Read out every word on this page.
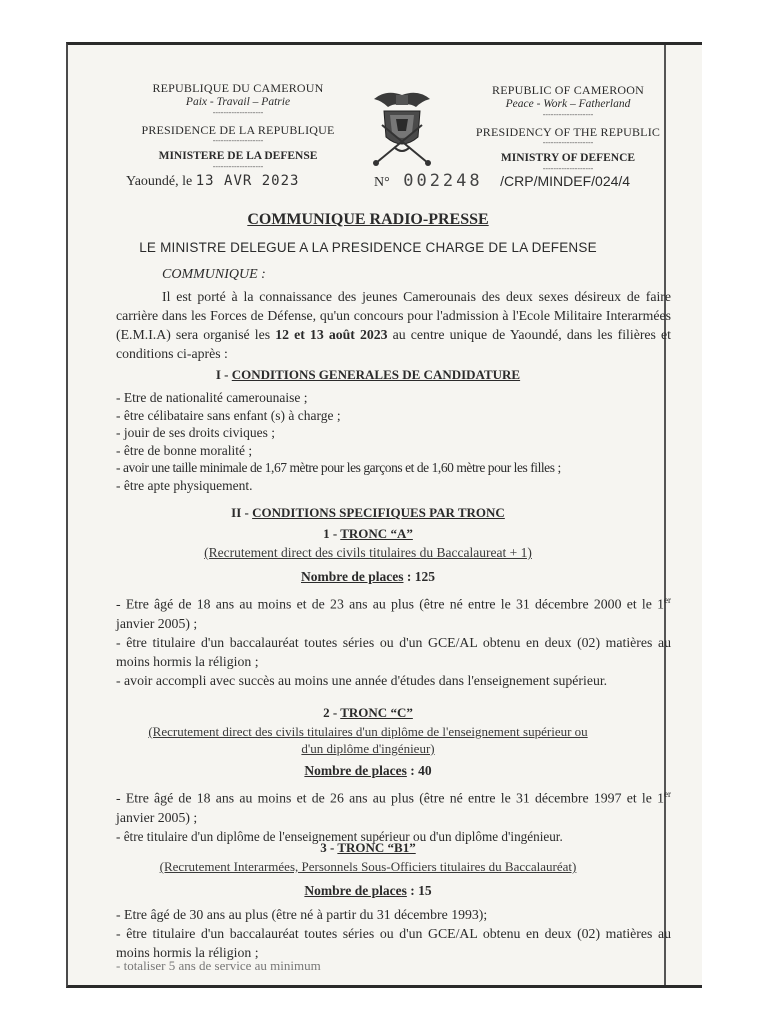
REPUBLIQUE DU CAMEROUN
Paix - Travail – Patrie
-------------------
PRESIDENCE DE LA REPUBLIQUE
-------------------
MINISTERE DE LA DEFENSE
-------------------
REPUBLIC OF CAMEROON
Peace - Work – Fatherland
-------------------
PRESIDENCY OF THE REPUBLIC
-------------------
MINISTRY OF DEFENCE
-------------------
Yaoundé, le 13 AVR 2023	N° 002248 /CRP/MINDEF/024/4
COMMUNIQUE RADIO-PRESSE
LE MINISTRE DELEGUE A LA PRESIDENCE CHARGE DE LA DEFENSE
COMMUNIQUE :
Il est porté à la connaissance des jeunes Camerounais des deux sexes désireux de faire carrière dans les Forces de Défense, qu'un concours pour l'admission à l'Ecole Militaire Interarmées (E.M.I.A) sera organisé les 12 et 13 août 2023 au centre unique de Yaoundé, dans les filières et conditions ci-après :
I - CONDITIONS GENERALES DE CANDIDATURE
- Etre de nationalité camerounaise ;
- être célibataire sans enfant (s) à charge ;
- jouir de ses droits civiques ;
- être de bonne moralité ;
- avoir une taille minimale de 1,67 mètre pour les garçons et de 1,60 mètre pour les filles ;
- être apte physiquement.
II - CONDITIONS SPECIFIQUES PAR TRONC
1 - TRONC “A”
(Recrutement direct des civils titulaires du Baccalaureat + 1)
Nombre de places : 125
- Etre âgé de 18 ans au moins et de 23 ans au plus (être né entre le 31 décembre 2000 et le 1er janvier 2005) ;
- être titulaire d'un baccalauréat toutes séries ou d'un GCE/AL obtenu en deux (02) matières au moins hormis la réligion ;
- avoir accompli avec succès au moins une année d'études dans l'enseignement supérieur.
2 - TRONC “C”
(Recrutement direct des civils titulaires d'un diplôme de l'enseignement supérieur ou
d'un diplôme d'ingénieur)
Nombre de places : 40
- Etre âgé de 18 ans au moins et de 26 ans au plus (être né entre le 31 décembre 1997 et le 1er janvier 2005) ;
- être titulaire d'un diplôme de l'enseignement supérieur ou d'un diplôme d'ingénieur.
3 - TRONC “B1”
(Recrutement Interarmées, Personnels Sous-Officiers titulaires du Baccalauréat)
Nombre de places : 15
- Etre âgé de 30 ans au plus (être né à partir du 31 décembre 1993);
- être titulaire d'un baccalauréat toutes séries ou d'un GCE/AL obtenu en deux (02) matières au moins hormis la réligion ;
- totaliser 5 ans de service au minimum
